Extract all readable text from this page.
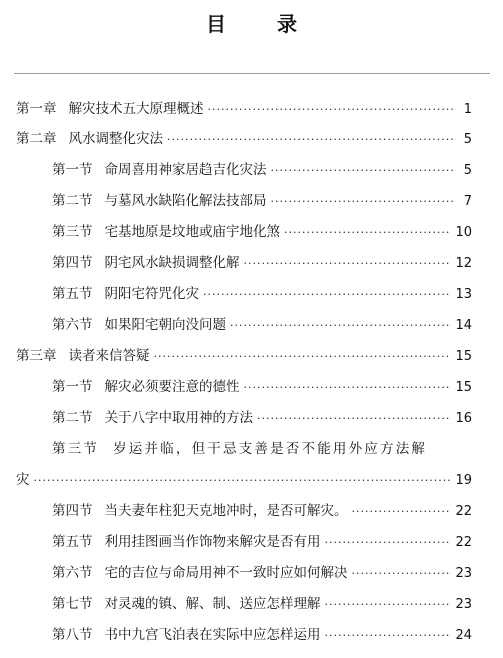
目 录
第一章 解灾技术五大原理概述 ·····	1
第二章 风水调整化灾法 ·····	5
第一节 命周喜用神家居趋吉化灾法 ·····	5
第二节 与墓风水缺陷化解法技部局 ·····	7
第三节 宅基地原是坟地或庙宇地化煞 ·····	10
第四节 阴宅风水缺损调整化解 ·····	12
第五节 阴阳宅符咒化灾 ·····	13
第六节 如果阳宅朝向没问题 ·····	14
第三章 读者来信答疑 ·····	15
第一节 解灾必须要注意的德性 ·····	15
第二节 关于八字中取用神的方法 ·····	16
第三节 岁运并临，但干忌支善是否不能用外应方法解
灾 ·····	19
第四节 当夫妻年柱犯天克地冲时，是否可解灾。 ·····	22
第五节 利用挂图画当作饰物来解灾是否有用 ·····	22
第六节 宅的吉位与命局用神不一致时应如何解决 ·····	23
第七节 对灵魂的镇、解、制、送应怎样理解 ·····	23
第八节 书中九宫飞泊表在实际中应怎样运用 ·····	24
